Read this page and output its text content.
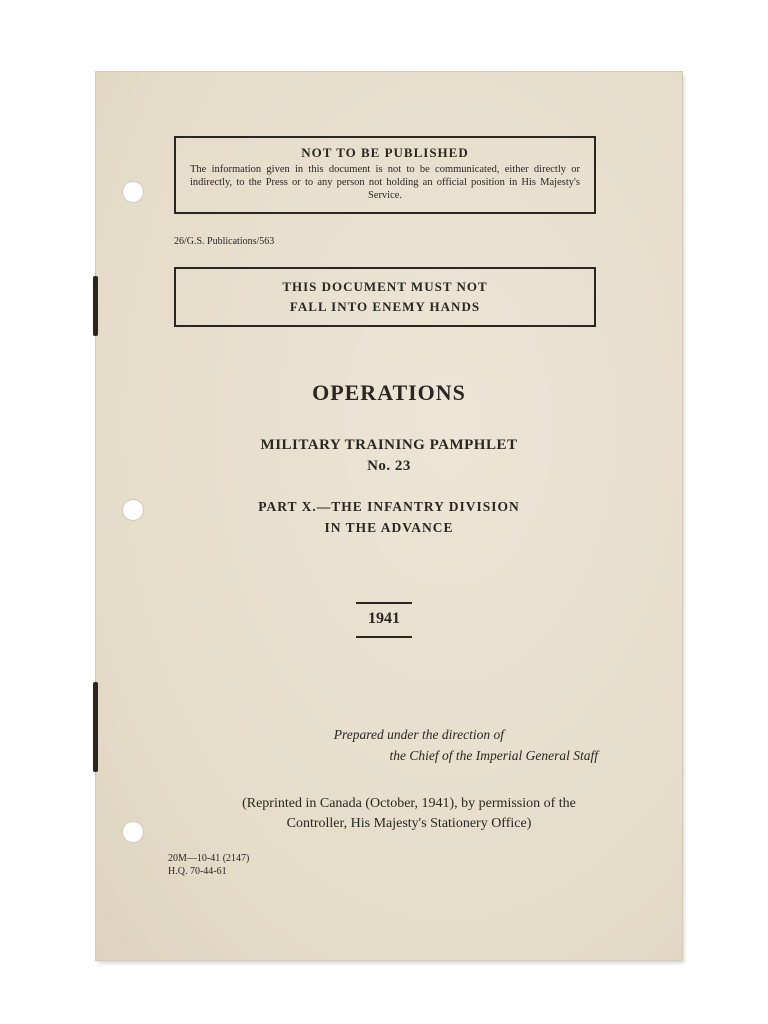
NOT TO BE PUBLISHED
The information given in this document is not to be communicated, either directly or indirectly, to the Press or to any person not holding an official position in His Majesty's Service.
26/G.S. Publications/563
THIS DOCUMENT MUST NOT
FALL INTO ENEMY HANDS
OPERATIONS
MILITARY TRAINING PAMPHLET
No. 23
PART X.—THE INFANTRY DIVISION
IN THE ADVANCE
1941
Prepared under the direction of
the Chief of the Imperial General Staff
(Reprinted in Canada (October, 1941), by permission of the
Controller, His Majesty's Stationery Office)
20M—10-41 (2147)
H.Q. 70-44-61
